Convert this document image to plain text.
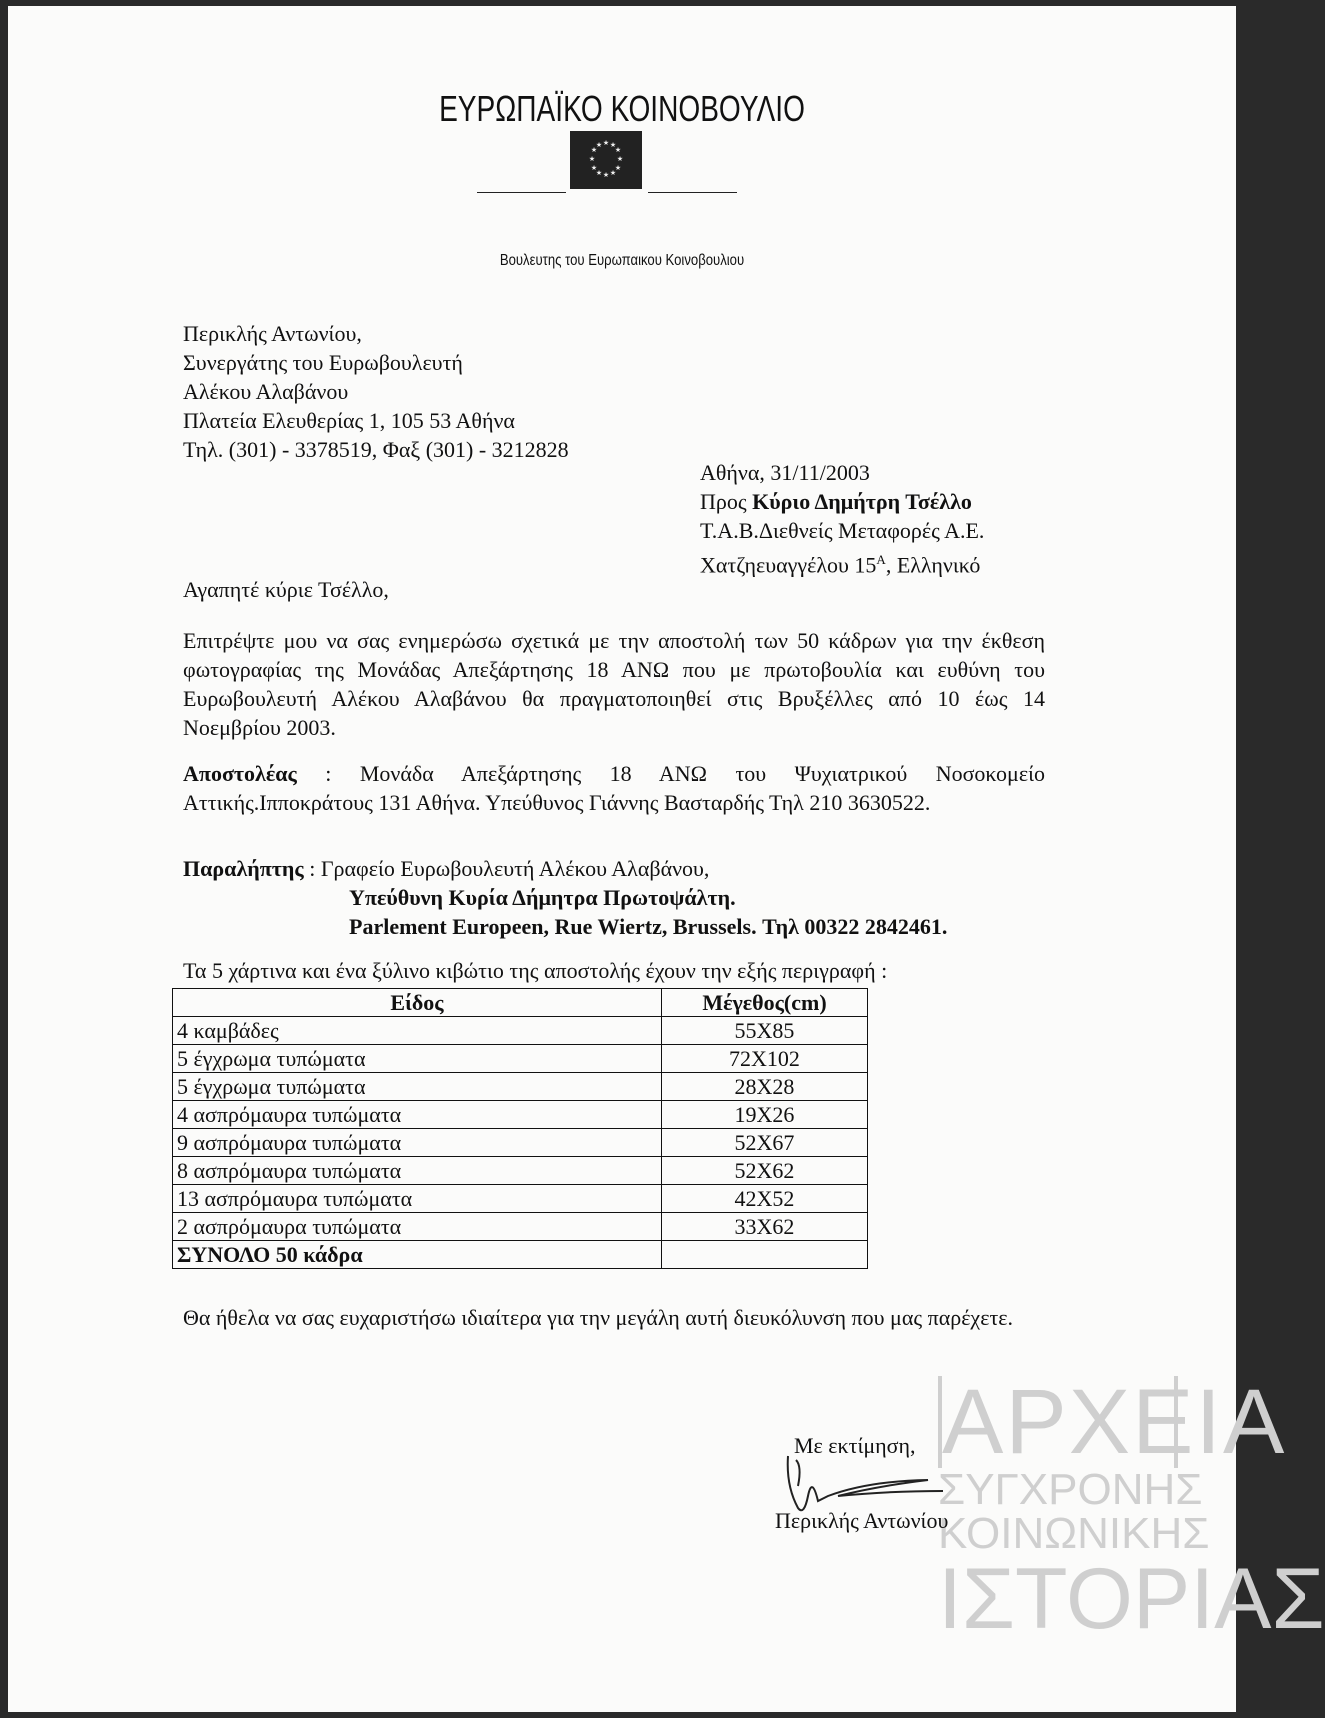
ΑΡΧΕΙΑ
ΣΥΓΧΡΟΝΗΣ
ΚΟΙΝΩΝΙΚΗΣ
ΙΣΤΟΡΙΑΣ
ΕΥΡΩΠΑΪΚΟ ΚΟΙΝΟΒΟΥΛΙΟ
★ ★
★
★
★
★
★
★
★
★
★
★
Βουλευτης του Ευρωπαικου Κοινοβουλιου
Περικλής Αντωνίου,
Συνεργάτης του Ευρωβουλευτή
Αλέκου Αλαβάνου
Πλατεία Ελευθερίας 1, 105 53 Αθήνα
Τηλ. (301) - 3378519, Φαξ (301) - 3212828
Αθήνα, 31/11/2003
Προς Κύριο Δημήτρη Τσέλλο
Τ.Α.Β.Διεθνείς Μεταφορές Α.Ε.
Χατζηευαγγέλου $15^A$, Ελληνικό
Αγαπητέ κύριε Τσέλλο,
Επιτρέψτε μου να σας ενημερώσω σχετικά με την αποστολή των 50 κάδρων για την έκθεση φωτογραφίας της Μονάδας Απεξάρτησης 18 ΑΝΩ που με πρωτοβουλία και ευθύνη του Ευρωβουλευτή Αλέκου Αλαβάνου θα πραγματοποιηθεί στις Βρυξέλλες από 10 έως 14 Νοεμβρίου 2003.
Αποστολέας : Μονάδα Απεξάρτησης 18 ΑΝΩ του Ψυχιατρικού Νοσοκομείο Αττικής.Ιπποκράτους 131 Αθήνα. Υπεύθυνος Γιάννης Βασταρδής Τηλ 210 3630522.
Παραλήπτης : Γραφείο Ευρωβουλευτή Αλέκου Αλαβάνου,
Υπεύθυνη Κυρία Δήμητρα Πρωτοψάλτη.
Parlement Europeen, Rue Wiertz, Brussels. Τηλ 00322 2842461.
Τα 5 χάρτινα και ένα ξύλινο κιβώτιο της αποστολής έχουν την εξής περιγραφή :
Είδος	Μέγεθος(cm)
4 καμβάδες	55Χ85
5 έγχρωμα τυπώματα	72Χ102
5 έγχρωμα τυπώματα	28Χ28
4 ασπρόμαυρα τυπώματα	19Χ26
9 ασπρόμαυρα τυπώματα	52Χ67
8 ασπρόμαυρα τυπώματα	52Χ62
13 ασπρόμαυρα τυπώματα	42Χ52
2 ασπρόμαυρα τυπώματα	33Χ62
ΣΥΝΟΛΟ 50 κάδρα	
Θα ήθελα να σας ευχαριστήσω ιδιαίτερα για την μεγάλη αυτή διευκόλυνση που μας παρέχετε.
Με εκτίμηση,
Περικλής Αντωνίου
